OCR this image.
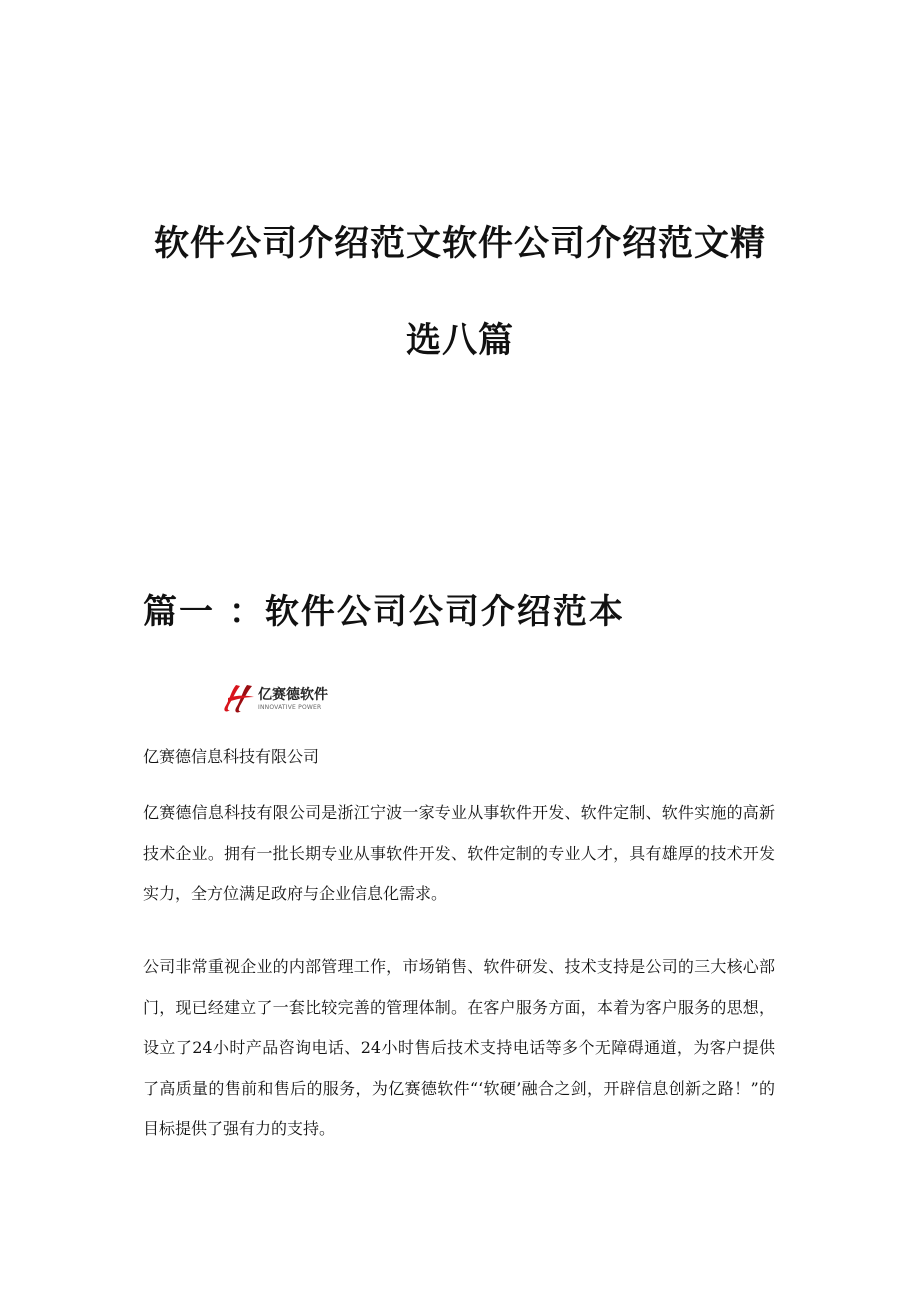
软件公司介绍范文软件公司介绍范文精
选八篇
篇一 ：软件公司公司介绍范本
亿赛德软件
INNOVATIVE POWER

亿赛德信息科技有限公司

亿赛德信息科技有限公司是浙江宁波一家专业从事软件开发、软件定制、软件实施的高新技术企业。拥有一批长期专业从事软件开发、软件定制的专业人才，具有雄厚的技术开发实力，全方位满足政府与企业信息化需求。

公司非常重视企业的内部管理工作，市场销售、软件研发、技术支持是公司的三大核心部门，现已经建立了一套比较完善的管理体制。在客户服务方面，本着为客户服务的思想，设立了24小时产品咨询电话、24小时售后技术支持电话等多个无障碍通道，为客户提供了高质量的售前和售后的服务，为亿赛德软件“‘软硬’融合之剑，开辟信息创新之路！”的目标提供了强有力的支持。
